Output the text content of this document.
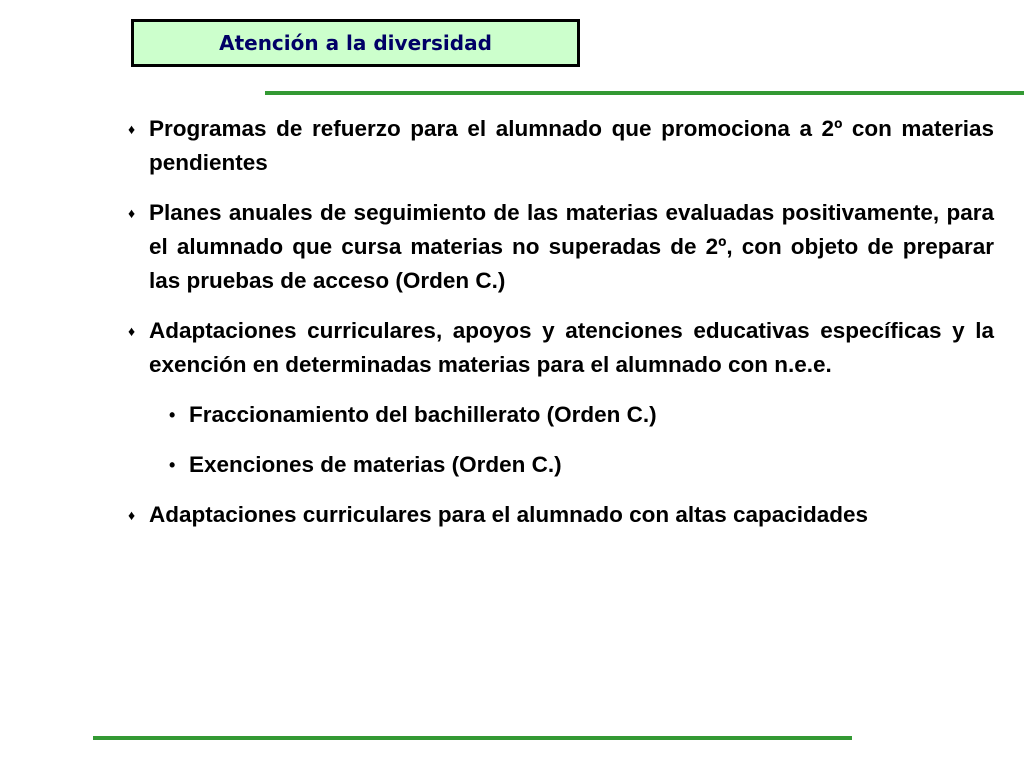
Atención a la diversidad
♦ Programas de refuerzo para el alumnado que promociona a 2º con materias pendientes
♦ Planes anuales de seguimiento de las materias evaluadas positivamente, para el alumnado que cursa materias no superadas de 2º, con objeto de preparar las pruebas de acceso (Orden C.)
♦ Adaptaciones curriculares, apoyos y atenciones educativas específicas y la exención en determinadas materias para el alumnado con n.e.e.
• Fraccionamiento del bachillerato (Orden C.)
• Exenciones de materias (Orden C.)
♦ Adaptaciones curriculares para el alumnado con altas capacidades
